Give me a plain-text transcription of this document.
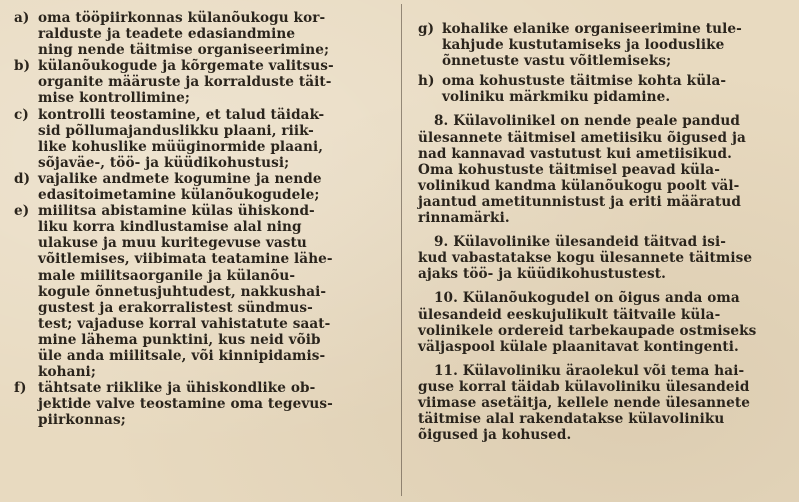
a) oma tööpiirkonnas külanõukogu kor-
ralduste ja teadete edasiandmine
ning nende täitmise organiseerimine;
b) külanõukogude ja kõrgemate valitsus-
organite määruste ja korralduste täit-
mise kontrollimine;
c) kontrolli teostamine, et talud täidak-
sid põllumajanduslikku plaani, riik-
like kohuslike müüginormide plaani,
sõjaväe-, töö- ja küüdikohustusi;
d) vajalike andmete kogumine ja nende
edasitoimetamine külanõukogudele;
e) miilitsa abistamine külas ühiskond-
liku korra kindlustamise alal ning
ulakuse ja muu kuritegevuse vastu
võitlemises, viibimata teatamine lähe-
male miilitsaorganile ja külanõu-
kogule õnnetusjuhtudest, nakkushai-
gustest ja erakorralistest sündmus-
test; vajaduse korral vahistatute saat-
mine lähema punktini, kus neid võib
üle anda miilitsale, või kinnipidamis-
kohani;
f) tähtsate riiklike ja ühiskondlike ob-
jektide valve teostamine oma tegevus-
piirkonnas;
g) kohalike elanike organiseerimine tule-
kahjude kustutamiseks ja looduslike
õnnetuste vastu võitlemiseks;
h) oma kohustuste täitmise kohta küla-
voliniku märkmiku pidamine.
8. Külavolinikel on nende peale pandud
ülesannete täitmisel ametiisiku õigused ja
nad kannavad vastutust kui ametiisikud.
Oma kohustuste täitmisel peavad küla-
volinikud kandma külanõukogu poolt väl-
jaantud ametitunnistust ja eriti määratud
rinnamärki.
9. Külavolinike ülesandeid täitvad isi-
kud vabastatakse kogu ülesannete täitmise
ajaks töö- ja küüdikohustustest.
10. Külanõukogudel on õigus anda oma
ülesandeid eeskujulikult täitvaile küla-
volinikele ordereid tarbekaupade ostmiseks
väljaspool külale plaanitavat kontingenti.
11. Külavoliniku äraolekul või tema hai-
guse korral täidab külavoliniku ülesandeid
viimase asetäitja, kellele nende ülesannete
täitmise alal rakendatakse külavoliniku
õigused ja kohused.
